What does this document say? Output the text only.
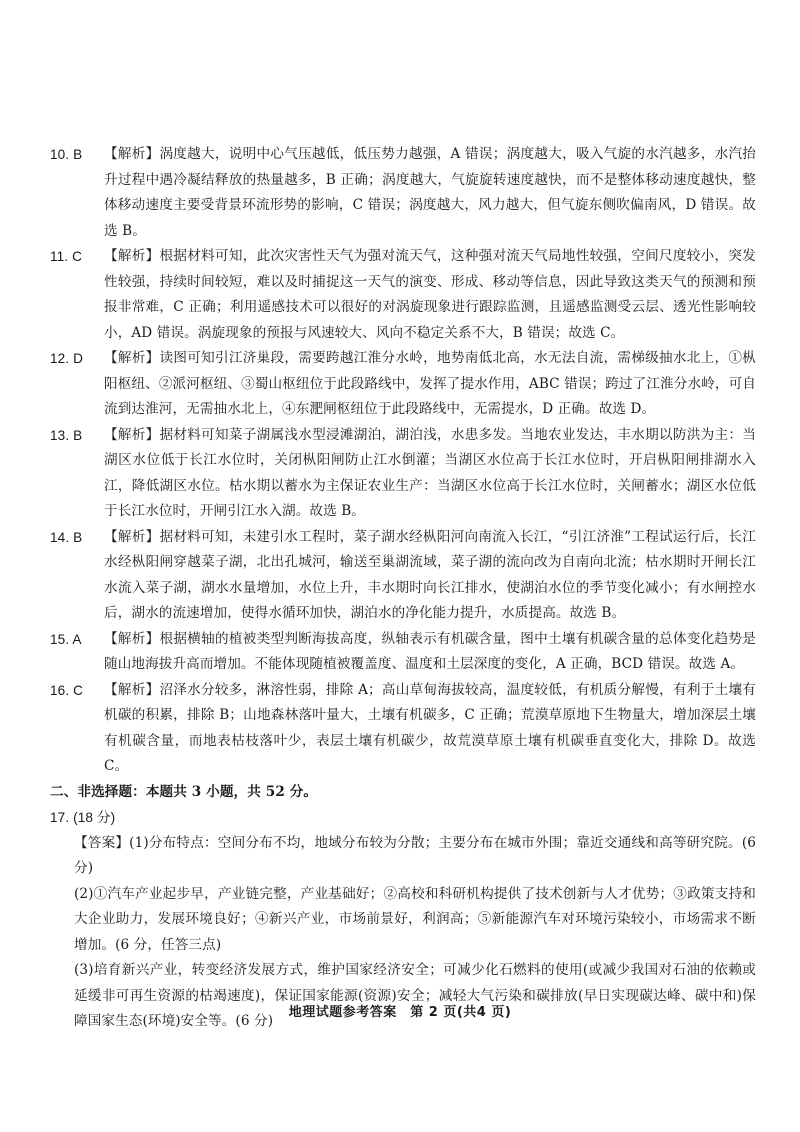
10. B 【解析】涡度越大，说明中心气压越低，低压势力越强，A 错误；涡度越大，吸入气旋的水汽越多，水汽抬升过程中遇冷凝结释放的热量越多，B 正确；涡度越大，气旋旋转速度越快，而不是整体移动速度越快，整体移动速度主要受背景环流形势的影响，C 错误；涡度越大，风力越大，但气旋东侧吹偏南风，D 错误。故选 B。
11. C 【解析】根据材料可知，此次灾害性天气为强对流天气，这种强对流天气局地性较强，空间尺度较小，突发性较强，持续时间较短，难以及时捕捉这一天气的演变、形成、移动等信息，因此导致这类天气的预测和预报非常难，C 正确；利用遥感技术可以很好的对涡旋现象进行跟踪监测，且遥感监测受云层、透光性影响较小，AD 错误。涡旋现象的预报与风速较大、风向不稳定关系不大，B 错误；故选 C。
12. D 【解析】读图可知引江济巢段，需要跨越江淮分水岭，地势南低北高，水无法自流，需梯级抽水北上，①枞阳枢纽、②派河枢纽、③蜀山枢纽位于此段路线中，发挥了提水作用，ABC 错误；跨过了江淮分水岭，可自流到达淮河，无需抽水北上，④东淝闸枢纽位于此段路线中，无需提水，D 正确。故选 D。
13. B 【解析】据材料可知菜子湖属浅水型浸滩湖泊，湖泊浅，水患多发。当地农业发达，丰水期以防洪为主：当湖区水位低于长江水位时，关闭枞阳闸防止江水倒灌；当湖区水位高于长江水位时，开启枞阳闸排湖水入江，降低湖区水位。枯水期以蓄水为主保证农业生产：当湖区水位高于长江水位时，关闸蓄水；湖区水位低于长江水位时，开闸引江水入湖。故选 B。
14. B 【解析】据材料可知，未建引水工程时，菜子湖水经枞阳河向南流入长江，“引江济淮”工程试运行后，长江水经枞阳闸穿越菜子湖，北出孔城河，输送至巢湖流域，菜子湖的流向改为自南向北流；枯水期时开闸长江水流入菜子湖，湖水水量增加，水位上升，丰水期时向长江排水，使湖泊水位的季节变化减小；有水闸控水后，湖水的流速增加，使得水循环加快，湖泊水的净化能力提升，水质提高。故选 B。
15. A 【解析】根据横轴的植被类型判断海拔高度，纵轴表示有机碳含量，图中土壤有机碳含量的总体变化趋势是随山地海拔升高而增加。不能体现随植被覆盖度、温度和土层深度的变化，A 正确，BCD 错误。故选 A。
16. C 【解析】沼泽水分较多，淋溶性弱，排除 A；高山草甸海拔较高，温度较低，有机质分解慢，有利于土壤有机碳的积累，排除 B；山地森林落叶量大，土壤有机碳多，C 正确；荒漠草原地下生物量大，增加深层土壤有机碳含量，而地表枯枝落叶少，表层土壤有机碳少，故荒漠草原土壤有机碳垂直变化大，排除 D。故选C。

二、非选择题：本题共 3 小题，共 52 分。

17. (18 分)

【答案】(1)分布特点：空间分布不均，地域分布较为分散；主要分布在城市外围；靠近交通线和高等研究院。(6 分)

(2)①汽车产业起步早，产业链完整，产业基础好；②高校和科研机构提供了技术创新与人才优势；③政策支持和大企业助力，发展环境良好；④新兴产业，市场前景好，利润高；⑤新能源汽车对环境污染较小，市场需求不断增加。(6 分，任答三点)

(3)培育新兴产业，转变经济发展方式，维护国家经济安全；可减少化石燃料的使用(或减少我国对石油的依赖或延缓非可再生资源的枯竭速度)，保证国家能源(资源)安全；减轻大气污染和碳排放(早日实现碳达峰、碳中和)保障国家生态(环境)安全等。(6 分)

地理试题参考答案　第 2 页(共4 页)
